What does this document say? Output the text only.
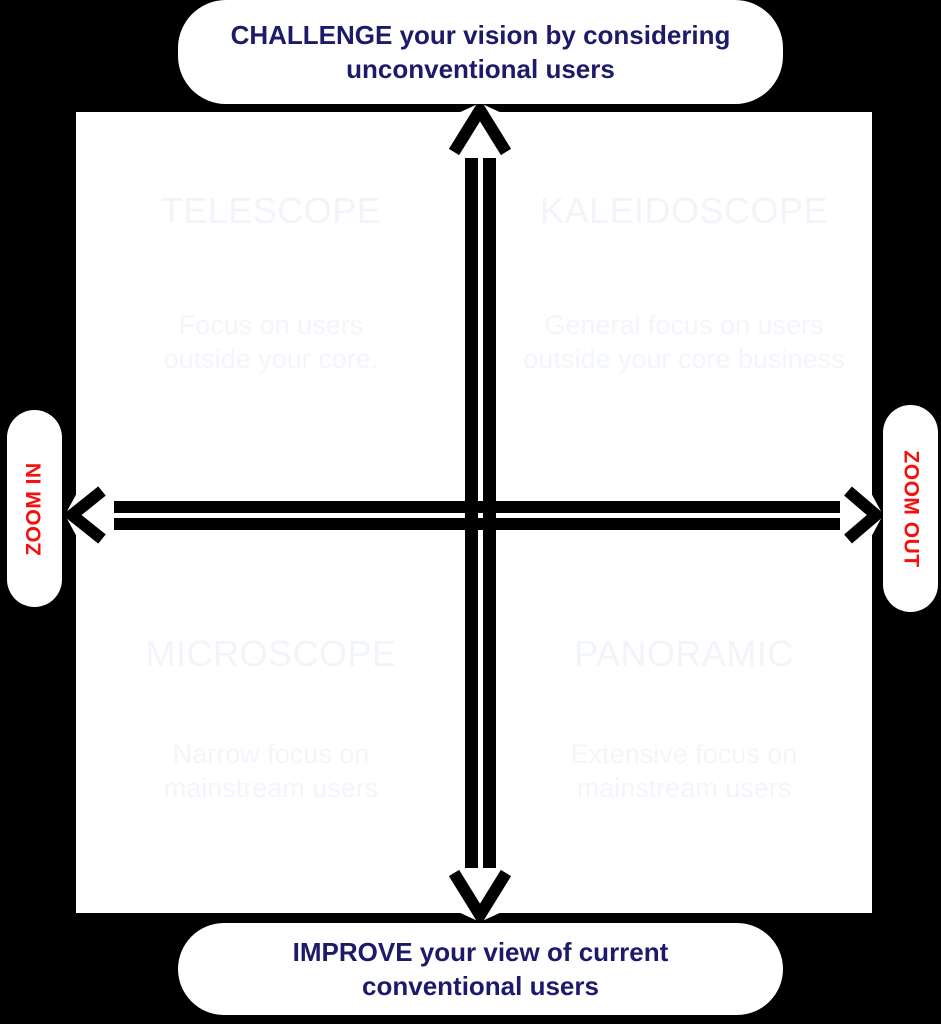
TELESCOPE
Focus on users outside your core.
KALEIDOSCOPE
General focus on users outside your core business
MICROSCOPE
Narrow focus on mainstream users
PANORAMIC
Extensive focus on mainstream users
CHALLENGE your vision by considering unconventional users
IMPROVE your view of current conventional users
ZOOM IN	ZOOM OUT
